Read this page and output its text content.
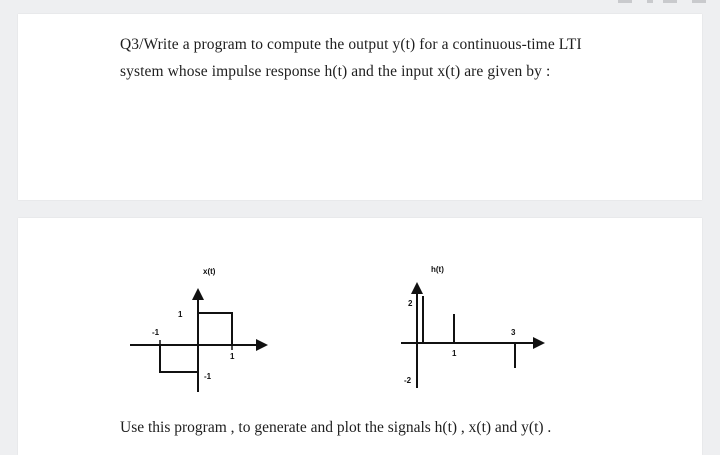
Q3/Write a program to compute the output y(t) for a continuous-time LTI
system whose impulse response h(t) and the input x(t) are given by :
x(t)
1
-1
1
-1
h(t)
2
1
3
-2
Use this program , to generate and plot the signals h(t) , x(t) and y(t) .
